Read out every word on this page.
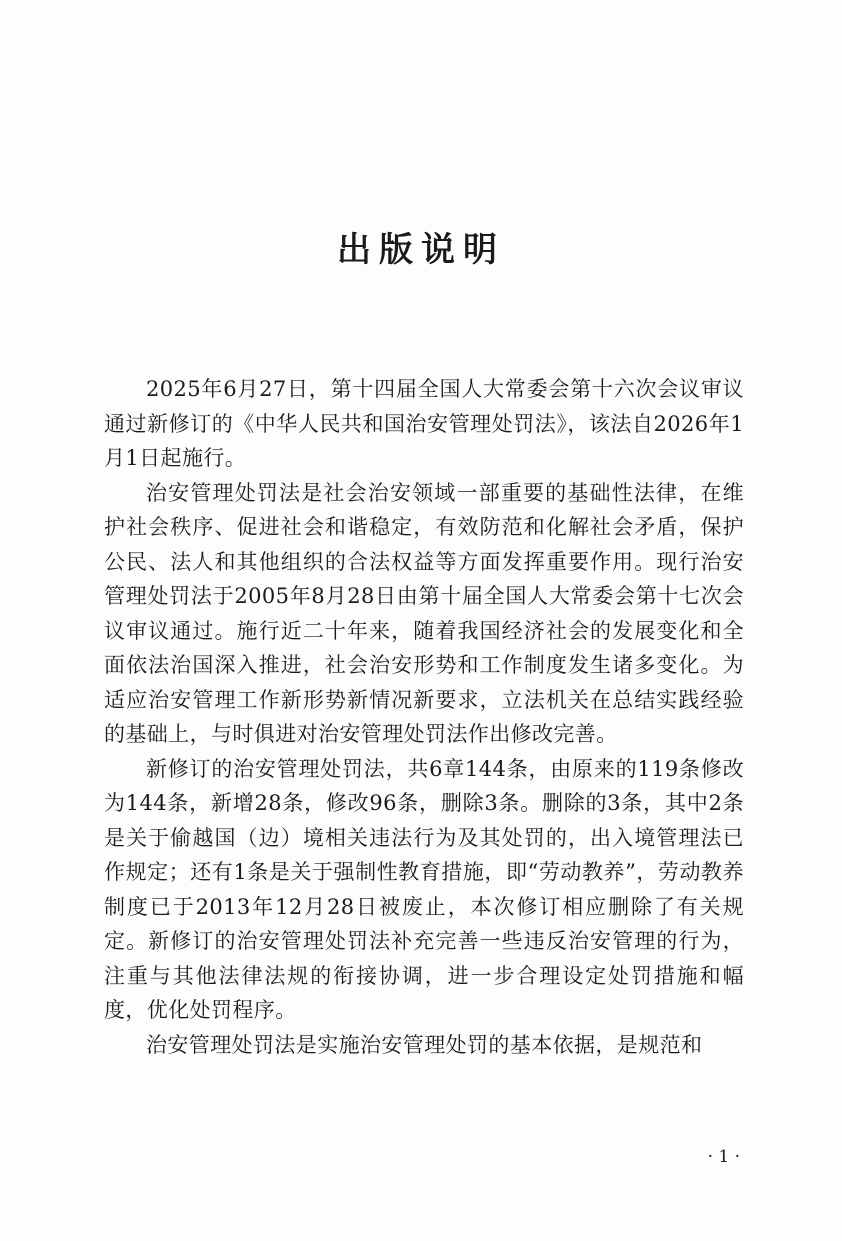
出版说明

2025年6月27日，第十四届全国人大常委会第十六次会议审议通过新修订的《中华人民共和国治安管理处罚法》，该法自2026年1月1日起施行。

治安管理处罚法是社会治安领域一部重要的基础性法律，在维护社会秩序、促进社会和谐稳定，有效防范和化解社会矛盾，保护公民、法人和其他组织的合法权益等方面发挥重要作用。现行治安管理处罚法于2005年8月28日由第十届全国人大常委会第十七次会议审议通过。施行近二十年来，随着我国经济社会的发展变化和全面依法治国深入推进，社会治安形势和工作制度发生诸多变化。为适应治安管理工作新形势新情况新要求，立法机关在总结实践经验的基础上，与时俱进对治安管理处罚法作出修改完善。

新修订的治安管理处罚法，共6章144条，由原来的119条修改为144条，新增28条，修改96条，删除3条。删除的3条，其中2条是关于偷越国（边）境相关违法行为及其处罚的，出入境管理法已作规定；还有1条是关于强制性教育措施，即“劳动教养”，劳动教养制度已于2013年12月28日被废止，本次修订相应删除了有关规定。新修订的治安管理处罚法补充完善一些违反治安管理的行为，注重与其他法律法规的衔接协调，进一步合理设定处罚措施和幅度，优化处罚程序。

治安管理处罚法是实施治安管理处罚的基本依据，是规范和

· 1 ·
